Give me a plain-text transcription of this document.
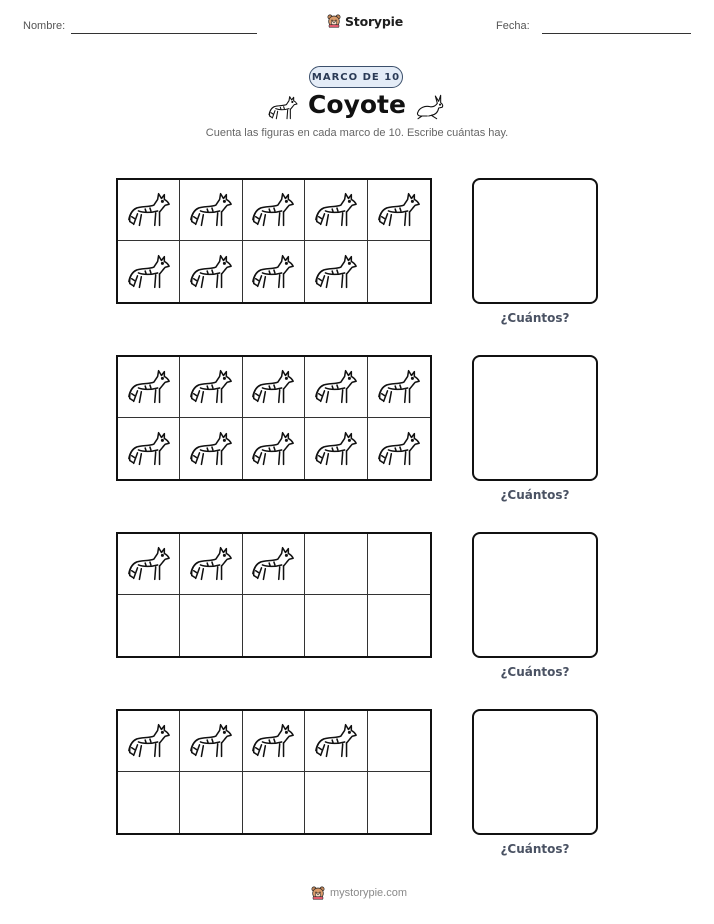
Nombre:	Storypie	Fecha:
MARCO DE 10
Coyote
Cuenta las figuras en cada marco de 10. Escribe cuántas hay.
¿Cuántos?
¿Cuántos?
¿Cuántos?
¿Cuántos?
mystorypie.com
